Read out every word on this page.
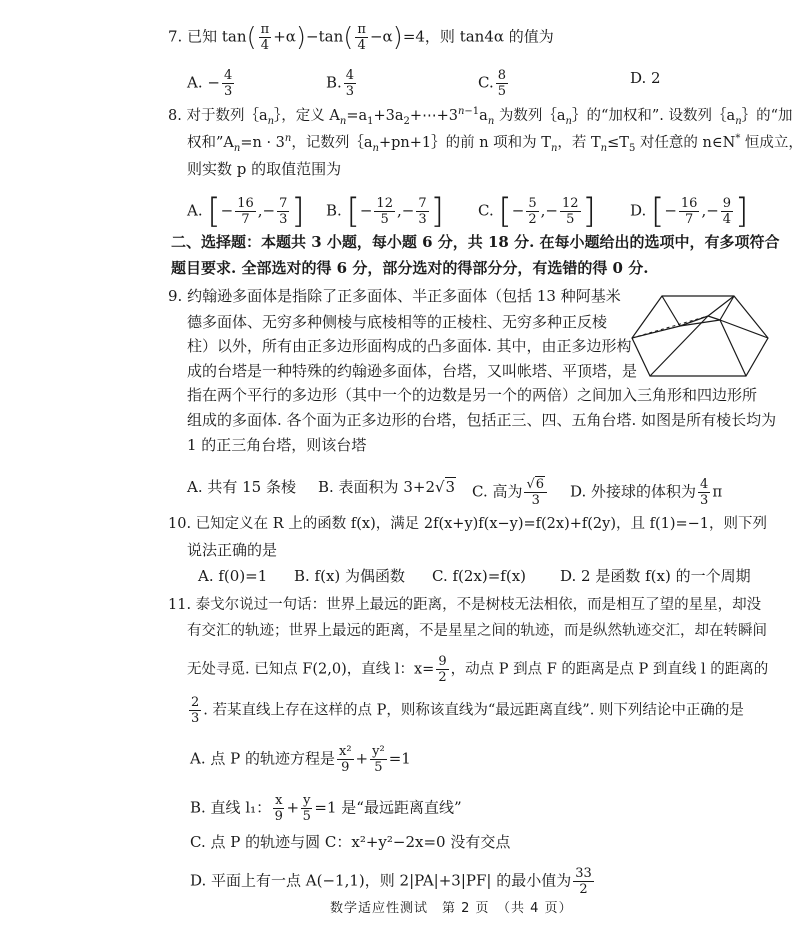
7. 已知 $\tan( \frac{\pi}{4} +\alpha)-\tan( \frac{\pi}{4} -\alpha)=4$，则 tan4α 的值为
A. − $\frac{4}{3}$	B. $\frac{4}{3}$	C. $\frac{8}{5}$	D. 2
8. 对于数列$\{a_n\}$，定义 $A_n=a_1+3a_2+\cdots+3^{n-1}a_n$ 为数列$\{a_n\}$的“加权和”. 设数列$\{a_n\}$的“加
权和$”A_n=n \cdot 3^n$，记数列$\{a_n+pn+1\}$的前 n 项和为 $T_n$，若 $T_n\le T_5$ 对任意的 n∈N* 恒成立，
则实数 p 的取值范围为
A. [− $\frac{16}{7}$ ,− $\frac{7}{3}$ ] B. [− $\frac{12}{5}$ ,− $\frac{7}{3}$ ] C. [− $\frac{5}{2}$ ,− $\frac{12}{5}$ ] D. [− $\frac{16}{7}$ ,− $\frac{9}{4}$ ]
二、选择题：本题共 3 小题，每小题 6 分，共 18 分. 在每小题给出的选项中，有多项符合
题目要求. 全部选对的得 6 分，部分选对的得部分分，有选错的得 0 分.
9. 约翰逊多面体是指除了正多面体、半正多面体（包括 13 种阿基米
德多面体、无穷多种侧棱与底棱相等的正棱柱、无穷多种正反棱
柱）以外，所有由正多边形面构成的凸多面体. 其中，由正多边形构
成的台塔是一种特殊的约翰逊多面体，台塔，又叫帐塔、平顶塔，是
指在两个平行的多边形（其中一个的边数是另一个的两倍）之间加入三角形和四边形所
组成的多面体. 各个面为正多边形的台塔，包括正三、四、五角台塔. 如图是所有棱长均为
1 的正三角台塔，则该台塔
A. 共有 15 条棱 B. 表面积为 3+2√3 C. 高为 $\frac{√6}{3} D$. 外接球的体积为 $\frac{4}{3}$ π
10. 已知定义在 R 上的函数 f(x)，满足 2f(x+y)f(x−y)=f(2x)+f(2y)，且 f(1)=−1，则下列
说法正确的是
A. f(0)=1 B. f(x) 为偶函数 C. f(2x)=f(x) D. 2 是函数 f(x) 的一个周期
11. 泰戈尔说过一句话：世界上最远的距离，不是树枝无法相依，而是相互了望的星星，却没
有交汇的轨迹；世界上最远的距离，不是星星之间的轨迹，而是纵然轨迹交汇，却在转瞬间
无处寻觅. 已知点 F(2,0)，直线 l：$x= \frac{9}{2}$ ，动点 P 到点 F 的距离是点 P 到直线 l 的距离的
$\frac{2}{3}$ . 若某直线上存在这样的点 P，则称该直线为“最远距离直线”. 则下列结论中正确的是
A. 点 P 的轨迹方程是 $\frac{\text{x²}}{9} + \frac{\text{y²}}{5} =1$
B. 直线 l₁： $\frac{x}{9} + \frac{y}{5} =1$ 是“最远距离直线”
C. 点 P 的轨迹与圆 C：x²+y²−2x=0 没有交点
D. 平面上有一点 A(−1,1)，则 2|PA|+3|PF| 的最小值为 $\frac{33}{2}$
数学适应性测试　第 2 页　（共 4 页）
